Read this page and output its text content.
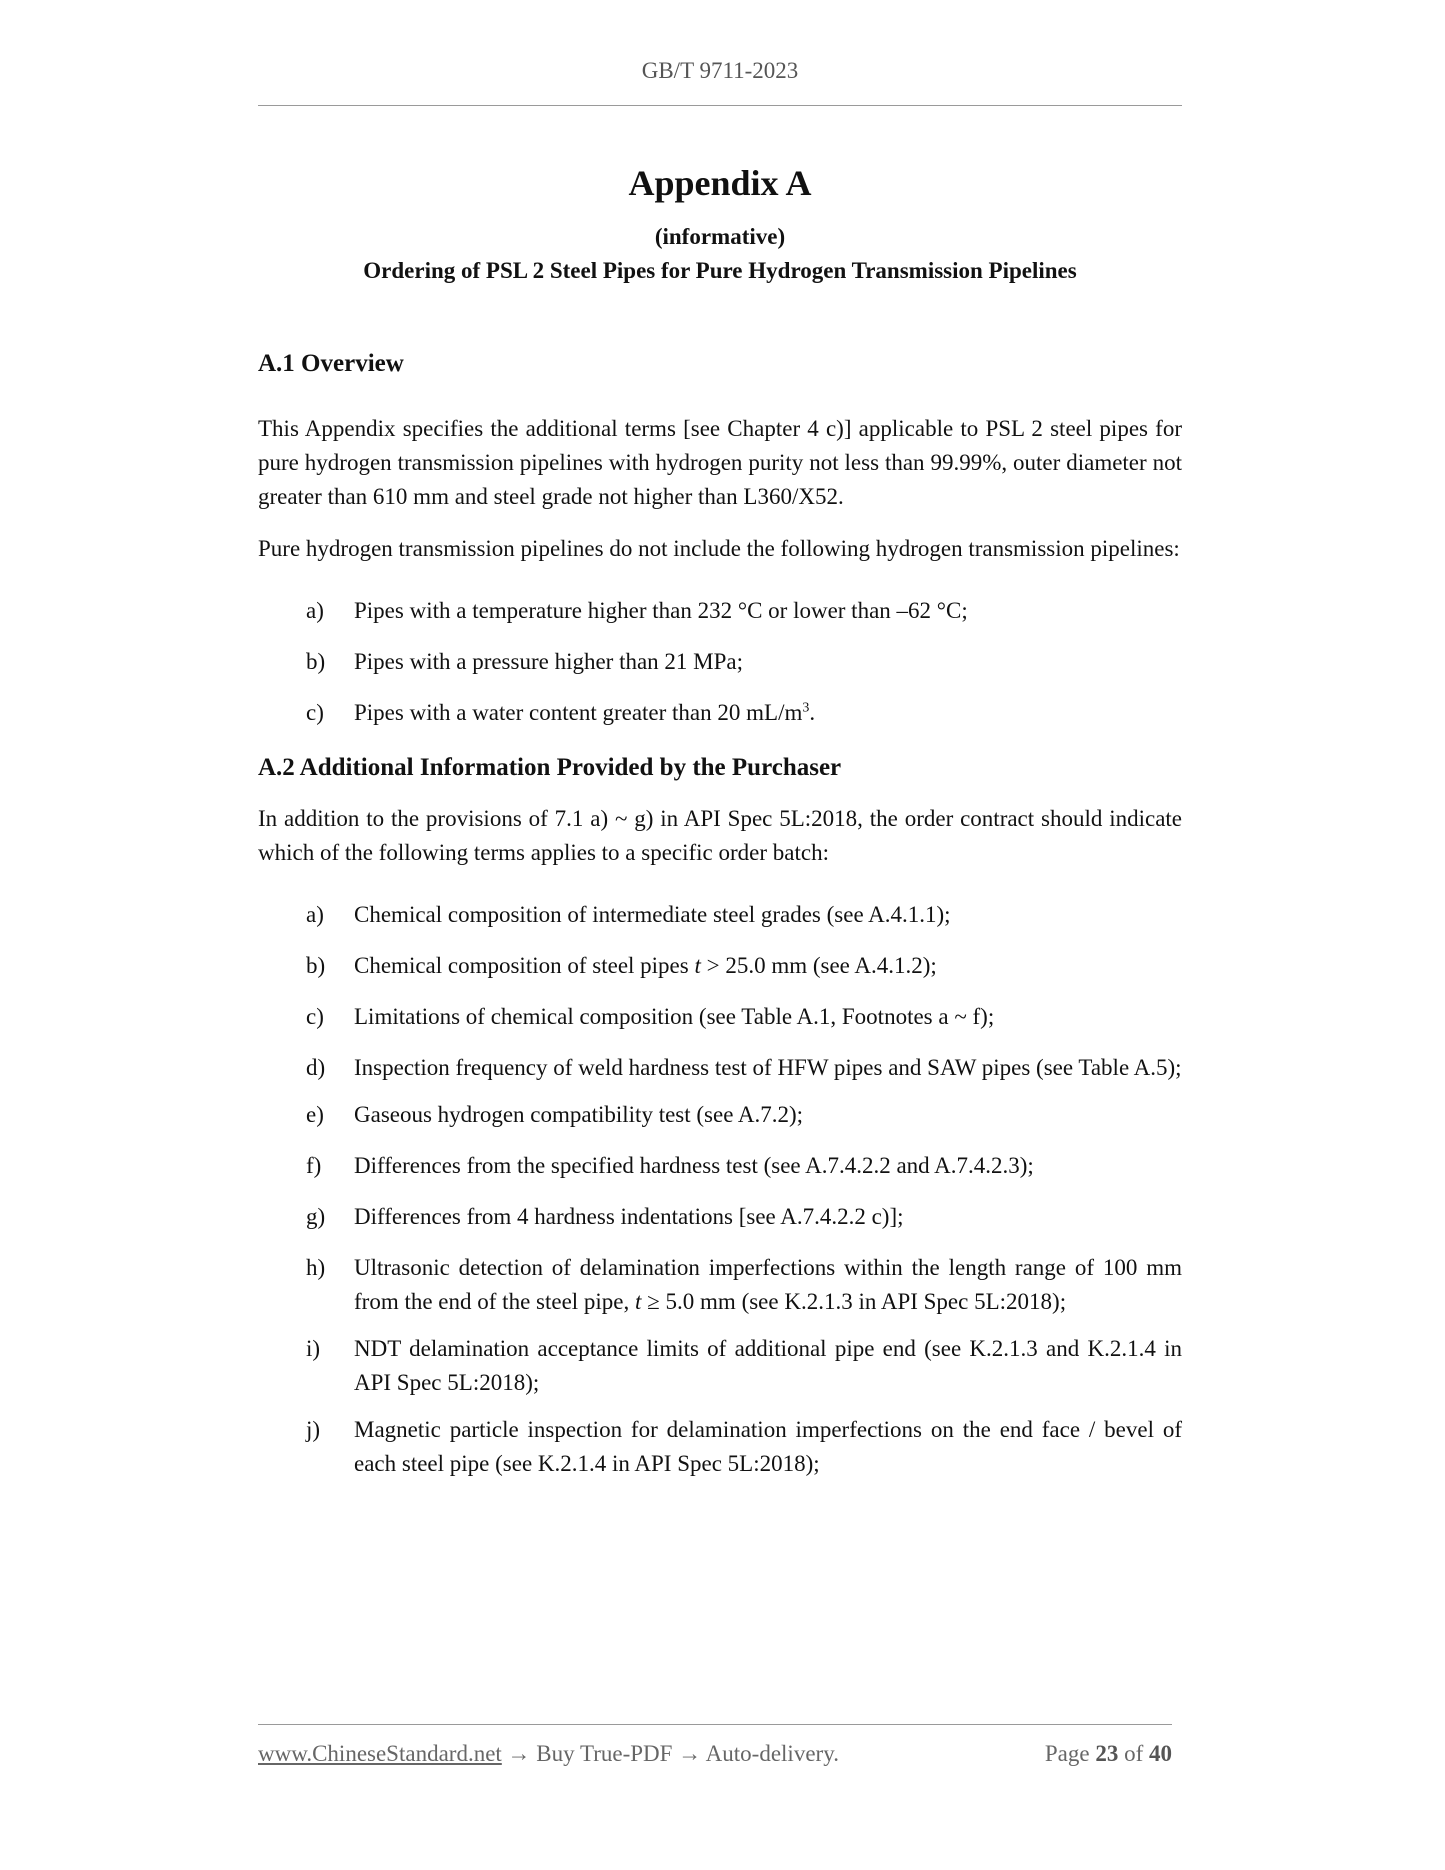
GB/T 9711-2023
Appendix A
(informative)
Ordering of PSL 2 Steel Pipes for Pure Hydrogen Transmission Pipelines
A.1 Overview

This Appendix specifies the additional terms [see Chapter 4 c)] applicable to PSL 2 steel pipes for pure hydrogen transmission pipelines with hydrogen purity not less than 99.99%, outer diameter not greater than 610 mm and steel grade not higher than L360/X52.

Pure hydrogen transmission pipelines do not include the following hydrogen transmission pipelines:

a)	Pipes with a temperature higher than 232 °C or lower than –62 °C;
b)	Pipes with a pressure higher than 21 MPa;
c)	Pipes with a water content greater than 20 $mL/m^3$.
A.2 Additional Information Provided by the Purchaser

In addition to the provisions of 7.1 a) ~ g) in API Spec 5L:2018, the order contract should indicate which of the following terms applies to a specific order batch:

a)	Chemical composition of intermediate steel grades (see A.4.1.1);
b)	Chemical composition of steel pipes t > 25.0 mm (see A.4.1.2);
c)	Limitations of chemical composition (see Table A.1, Footnotes a ~ f);
d)	Inspection frequency of weld hardness test of HFW pipes and SAW pipes (see Table A.5);
e)	Gaseous hydrogen compatibility test (see A.7.2);
f)	Differences from the specified hardness test (see A.7.4.2.2 and A.7.4.2.3);
g)	Differences from 4 hardness indentations [see A.7.4.2.2 c)];
h)	Ultrasonic detection of delamination imperfections within the length range of 100 mm from the end of the steel pipe, t ≥ 5.0 mm (see K.2.1.3 in API Spec 5L:2018);
i)	NDT delamination acceptance limits of additional pipe end (see K.2.1.3 and K.2.1.4 in API Spec 5L:2018);
j)	Magnetic particle inspection for delamination imperfections on the end face / bevel of each steel pipe (see K.2.1.4 in API Spec 5L:2018);
www.ChineseStandard.net → Buy True-PDF → Auto-delivery.	Page 23 of 40
